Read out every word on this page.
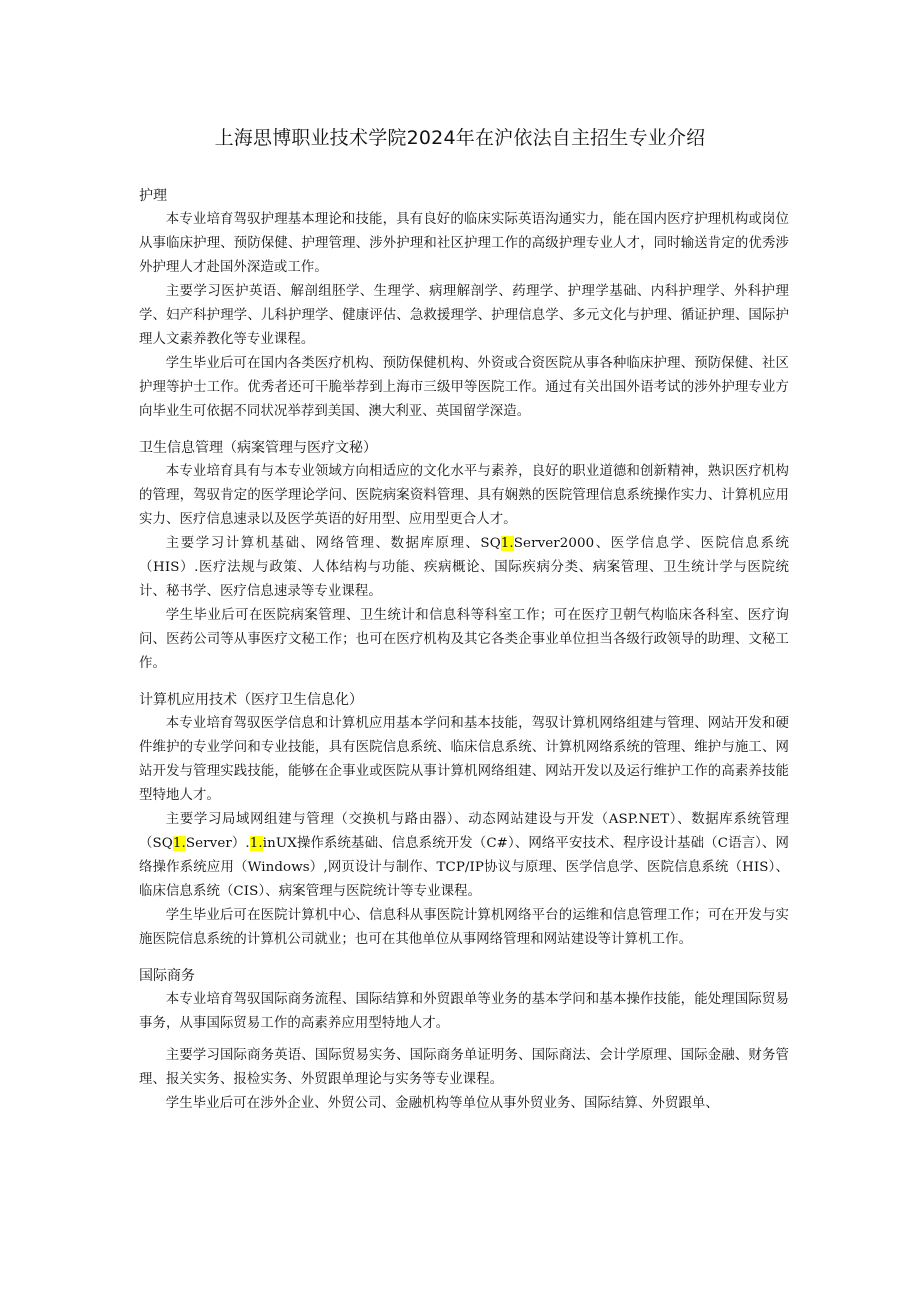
上海思博职业技术学院2024年在沪依法自主招生专业介绍
护理

本专业培育驾驭护理基本理论和技能，具有良好的临床实际英语沟通实力，能在国内医疗护理机构或岗位从事临床护理、预防保健、护理管理、涉外护理和社区护理工作的高级护理专业人才，同时输送肯定的优秀涉外护理人才赴国外深造或工作。

主要学习医护英语、解剖组胚学、生理学、病理解剖学、药理学、护理学基础、内科护理学、外科护理学、妇产科护理学、儿科护理学、健康评估、急救援理学、护理信息学、多元文化与护理、循证护理、国际护理人文素养教化等专业课程。

学生毕业后可在国内各类医疗机构、预防保健机构、外资或合资医院从事各种临床护理、预防保健、社区护理等护士工作。优秀者还可干脆举荐到上海市三级甲等医院工作。通过有关出国外语考试的涉外护理专业方向毕业生可依据不同状况举荐到美国、澳大利亚、英国留学深造。

卫生信息管理（病案管理与医疗文秘）

本专业培育具有与本专业领域方向相适应的文化水平与素养，良好的职业道德和创新精神，熟识医疗机构的管理，驾驭肯定的医学理论学问、医院病案资料管理、具有娴熟的医院管理信息系统操作实力、计算机应用实力、医疗信息速录以及医学英语的好用型、应用型更合人才。

主要学习计算机基础、网络管理、数据库原理、SQ1.Server2000、医学信息学、医院信息系统（HIS）.医疗法规与政策、人体结构与功能、疾病概论、国际疾病分类、病案管理、卫生统计学与医院统计、秘书学、医疗信息速录等专业课程。

学生毕业后可在医院病案管理、卫生统计和信息科等科室工作；可在医疗卫朝气构临床各科室、医疗询问、医药公司等从事医疗文秘工作；也可在医疗机构及其它各类企事业单位担当各级行政领导的助理、文秘工作。

计算机应用技术（医疗卫生信息化）

本专业培育驾驭医学信息和计算机应用基本学问和基本技能，驾驭计算机网络组建与管理、网站开发和硬件维护的专业学问和专业技能，具有医院信息系统、临床信息系统、计算机网络系统的管理、维护与施工、网站开发与管理实践技能，能够在企事业或医院从事计算机网络组建、网站开发以及运行维护工作的高素养技能型特地人才。

主要学习局域网组建与管理（交换机与路由器）、动态网站建设与开发（ASP.NET）、数据库系统管理（SQ1.Server）.1.inUX操作系统基础、信息系统开发（C#）、网络平安技术、程序设计基础（C语言）、网络操作系统应用（Windows）,网页设计与制作、TCP/IP协议与原理、医学信息学、医院信息系统（HIS）、临床信息系统（CIS）、病案管理与医院统计等专业课程。

学生毕业后可在医院计算机中心、信息科从事医院计算机网络平台的运维和信息管理工作；可在开发与实施医院信息系统的计算机公司就业；也可在其他单位从事网络管理和网站建设等计算机工作。

国际商务

本专业培育驾驭国际商务流程、国际结算和外贸跟单等业务的基本学问和基本操作技能，能处理国际贸易事务，从事国际贸易工作的高素养应用型特地人才。

主要学习国际商务英语、国际贸易实务、国际商务单证明务、国际商法、会计学原理、国际金融、财务管理、报关实务、报检实务、外贸跟单理论与实务等专业课程。

学生毕业后可在涉外企业、外贸公司、金融机构等单位从事外贸业务、国际结算、外贸跟单、
